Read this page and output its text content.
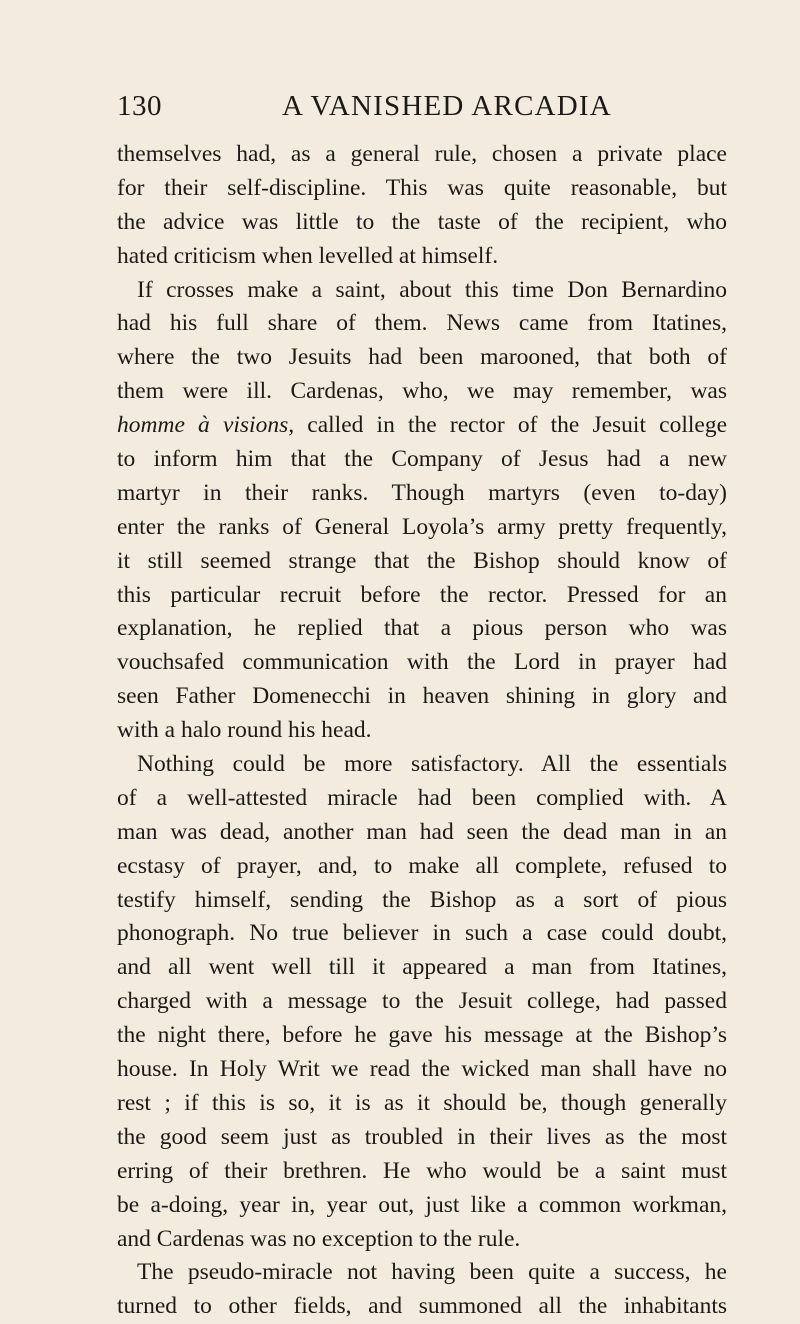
130	A VANISHED ARCADIA
themselves had, as a general rule, chosen a private place
for their self-discipline. This was quite reasonable, but
the advice was little to the taste of the recipient, who
hated criticism when levelled at himself.
If crosses make a saint, about this time Don Bernardino
had his full share of them. News came from Itatines,
where the two Jesuits had been marooned, that both of
them were ill. Cardenas, who, we may remember, was
homme à visions, called in the rector of the Jesuit college
to inform him that the Company of Jesus had a new
martyr in their ranks. Though martyrs (even to-day)
enter the ranks of General Loyola’s army pretty frequently,
it still seemed strange that the Bishop should know of
this particular recruit before the rector. Pressed for an
explanation, he replied that a pious person who was
vouchsafed communication with the Lord in prayer had
seen Father Domenecchi in heaven shining in glory and
with a halo round his head.
Nothing could be more satisfactory. All the essentials
of a well-attested miracle had been complied with. A
man was dead, another man had seen the dead man in an
ecstasy of prayer, and, to make all complete, refused to
testify himself, sending the Bishop as a sort of pious
phonograph. No true believer in such a case could doubt,
and all went well till it appeared a man from Itatines,
charged with a message to the Jesuit college, had passed
the night there, before he gave his message at the Bishop’s
house. In Holy Writ we read the wicked man shall have no
rest ; if this is so, it is as it should be, though generally
the good seem just as troubled in their lives as the most
erring of their brethren. He who would be a saint must
be a-doing, year in, year out, just like a common workman,
and Cardenas was no exception to the rule.
The pseudo-miracle not having been quite a success, he
turned to other fields, and summoned all the inhabitants
